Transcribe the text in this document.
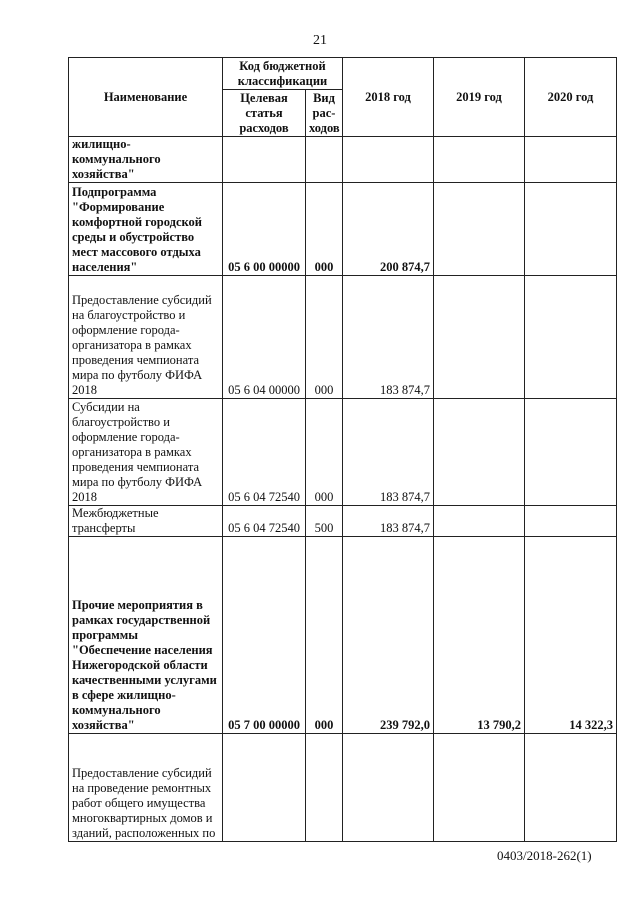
21
Наименование	Код бюджетной классификации		2018 год	2019 год	2020 год
	Целевая статья расходов	Вид рас-ходов			
жилищно-коммунального хозяйства"					
Подпрограмма "Формирование комфортной городской среды и обустройство мест массового отдыха населения"	05 6 00 00000	000	200 874,7		
Предоставление субсидий на благоустройство и оформление города-организатора в рамках проведения чемпионата мира по футболу ФИФА 2018	05 6 04 00000	000	183 874,7		
Субсидии на благоустройство и оформление города-организатора в рамках проведения чемпионата мира по футболу ФИФА 2018	05 6 04 72540	000	183 874,7		
Межбюджетные трансферты	05 6 04 72540	500	183 874,7		
Прочие мероприятия в рамках государственной программы "Обеспечение населения Нижегородской области качественными услугами в сфере жилищно-коммунального хозяйства"	05 7 00 00000	000	239 792,0	13 790,2	14 322,3
Предоставление субсидий на проведение ремонтных работ общего имущества многоквартирных домов и зданий, расположенных по					
0403/2018-262(1)
